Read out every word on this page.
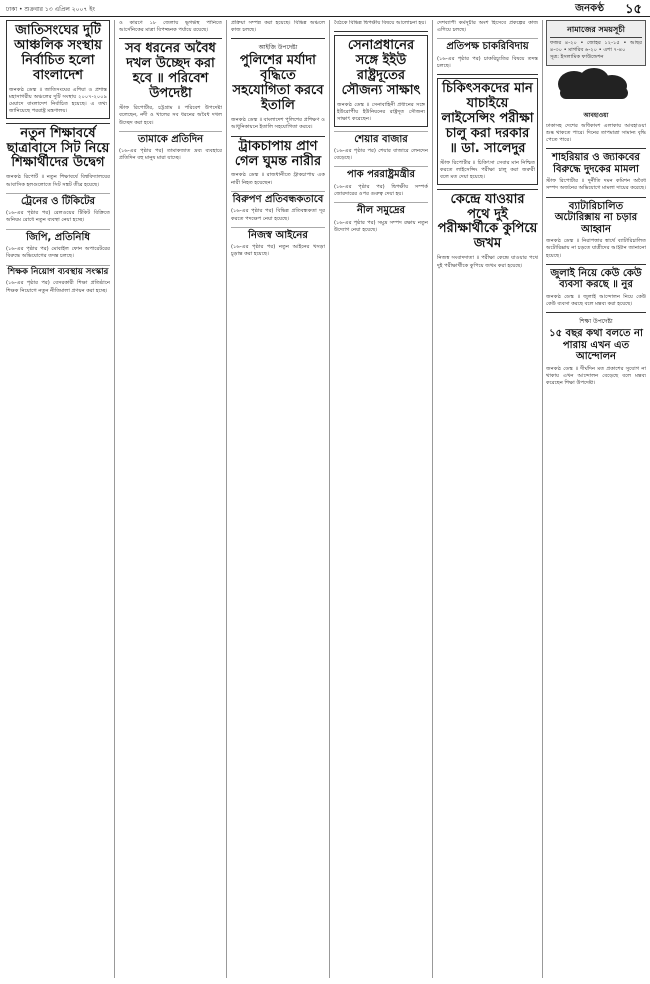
ঢাকা • শুক্রবার ১৩ এপ্রিল ২০০৭ ইং	জনকণ্ঠ ১৫
জাতিসংঘের দুটি আঞ্চলিক সংস্থায় নির্বাচিত হলো বাংলাদেশ

জনকণ্ঠ ডেস্ক ॥ জাতিসংঘের এশিয়া ও প্রশান্ত মহাসাগরীয় অঞ্চলের দুটি সংস্থায় ২০০৭-২০০৯ মেয়াদে বাংলাদেশ নির্বাচিত হয়েছে। এ তথ্য জানিয়েছে পররাষ্ট্র মন্ত্রণালয়।

নতুন শিক্ষাবর্ষে ছাত্রাবাসে সিট নিয়ে শিক্ষার্থীদের উদ্বেগ

জনকণ্ঠ রিপোর্ট ॥ নতুন শিক্ষাবর্ষে বিশ্ববিদ্যালয়ের আবাসিক হলগুলোতে সিট সঙ্কট তীব্র হয়েছে।

ট্রেনের ও টিকিটের

(১৬-এর পৃষ্ঠার পর) রেলওয়ের টিকিট বিক্রিতে অনিয়ম রোধে নতুন ব্যবস্থা নেয়া হচ্ছে।

জিপি, প্রতিনিধি

(১৬-এর পৃষ্ঠার পর) মোবাইল ফোন অপারেটরের বিরুদ্ধে অভিযোগের তদন্ত চলছে।

শিক্ষক নিয়োগ ব্যবস্থায় সংস্কার

(১৬-এর পৃষ্ঠার পর) বেসরকারী শিক্ষা প্রতিষ্ঠানে শিক্ষক নিয়োগে নতুন নীতিমালা প্রণয়ন করা হচ্ছে।

ও কারণে ১৮ জেলায় ভূগর্ভস্থ পানিতে আর্সেনিকের মাত্রা বিপজ্জনক পর্যায়ে রয়েছে।

সব ধরনের অবৈধ দখল উচ্ছেদ করা হবে ॥ পরিবেশ উপদেষ্টা

স্টাফ রিপোর্টার, চট্টগ্রাম ॥ পরিবেশ উপদেষ্টা বলেছেন, নদী ও খালের সব ধরনের অবৈধ দখল উচ্ছেদ করা হবে।

তামাকে প্রতিদিন

(১৬-এর পৃষ্ঠার পর) তামাকজাত দ্রব্য ব্যবহারে প্রতিদিন বহু মানুষ মারা যাচ্ছে।

প্রক্রিয়া সম্পন্ন করা হয়েছে। বিভিন্ন অঞ্চলে কাজ চলছে।

আইজি উপদেষ্টা
পুলিশের মর্যাদা বৃদ্ধিতে সহযোগিতা করবে ইতালি

জনকণ্ঠ ডেস্ক ॥ বাংলাদেশ পুলিশের প্রশিক্ষণ ও আধুনিকায়নে ইতালি সহযোগিতা করবে।

ট্রাকচাপায় প্রাণ গেল ঘুমন্ত নারীর

জনকণ্ঠ ডেস্ক ॥ রাজধানীতে ট্রাকচাপায় এক নারী নিহত হয়েছেন।

বিরুপণ প্রতিবন্ধকতাবে

(১৬-এর পৃষ্ঠার পর) বিভিন্ন প্রতিবন্ধকতা দূর করতে পদক্ষেপ নেয়া হয়েছে।

নিজস্ব আইনের

(১৬-এর পৃষ্ঠার পর) নতুন আইনের খসড়া চূড়ান্ত করা হয়েছে।

বৈঠকে বিভিন্ন দ্বিপক্ষীয় বিষয়ে আলোচনা হয়।

সেনাপ্রধানের সঙ্গে ইইউ রাষ্ট্রদূতের সৌজন্য সাক্ষাৎ

জনকণ্ঠ ডেস্ক ॥ সেনাবাহিনী প্রধানের সঙ্গে ইউরোপীয় ইউনিয়নের রাষ্ট্রদূত সৌজন্য সাক্ষাৎ করেছেন।

শেয়ার বাজার

(১৬-এর পৃষ্ঠার পর) শেয়ার বাজারে লেনদেন বেড়েছে।

পাক পররাষ্ট্রমন্ত্রীর

(১৬-এর পৃষ্ঠার পর) দ্বিপক্ষীয় সম্পর্ক জোরদারের ওপর গুরুত্ব দেয়া হয়।

নীল সমুদ্রের

(১৬-এর পৃষ্ঠার পর) সমুদ্র সম্পদ রক্ষায় নতুন উদ্যোগ নেয়া হয়েছে।

দেশব্যাপী কর্মসূচীর অংশ হিসেবে প্রকল্পের কাজ এগিয়ে চলছে।

প্রতিপক্ষ চাকরিবিদায়

(১৬-এর পৃষ্ঠার পর) চাকরিচ্যুতির বিষয়ে তদন্ত চলছে।

চিকিৎসকদের মান যাচাইয়ে লাইসেন্সিং পরীক্ষা চালু করা দরকার ॥ ডা. সালেদুর

স্টাফ রিপোর্টার ॥ চিকিৎসা সেবার মান নিশ্চিত করতে লাইসেন্সিং পরীক্ষা চালু করা জরুরী বলে মত দেয়া হয়েছে।

কেন্দ্রে যাওয়ার পথে দুই পরীক্ষার্থীকে কুপিয়ে জখম

নিজস্ব সংবাদদাতা ॥ পরীক্ষা কেন্দ্রে যাওয়ার পথে দুই পরীক্ষার্থীকে কুপিয়ে জখম করা হয়েছে।

নামাজের সময়সূচী

ফজর ৪-২০ • জোহর ১২-১৫ • আছর ৪-৩০ • মাগরিব ৬-২০ • এশা ৭-৪০

সূত্র: ইসলামিক ফাউন্ডেশন

আবহাওয়া

ঢাকাসহ দেশের অধিকাংশ এলাকায় আবহাওয়া শুষ্ক থাকতে পারে। দিনের তাপমাত্রা সামান্য বৃদ্ধি পেতে পারে।

শাহরিয়ার ও জ্যাকবের বিরুদ্ধে দুদকের মামলা

স্টাফ রিপোর্টার ॥ দুর্নীতি দমন কমিশন অবৈধ সম্পদ অর্জনের অভিযোগে মামলা দায়ের করেছে।

ব্যাটারিচালিত অটোরিক্সায় না চড়ার আহ্বান

জনকণ্ঠ ডেস্ক ॥ নিরাপত্তার স্বার্থে ব্যাটারিচালিত অটোরিক্সায় না চড়তে যাত্রীদের আহ্বান জানানো হয়েছে।

জুলাই নিয়ে কেউ কেউ ব্যবসা করছে ॥ নুর

জনকণ্ঠ ডেস্ক ॥ জুলাই আন্দোলন নিয়ে কেউ কেউ ব্যবসা করছে বলে মন্তব্য করা হয়েছে।

শিক্ষা উপদেষ্টা
১৫ বছর কথা বলতে না পারায় এখন এত আন্দোলন

জনকণ্ঠ ডেস্ক ॥ দীর্ঘদিন মত প্রকাশের সুযোগ না থাকায় এখন আন্দোলন বেড়েছে বলে মন্তব্য করেছেন শিক্ষা উপদেষ্টা।
